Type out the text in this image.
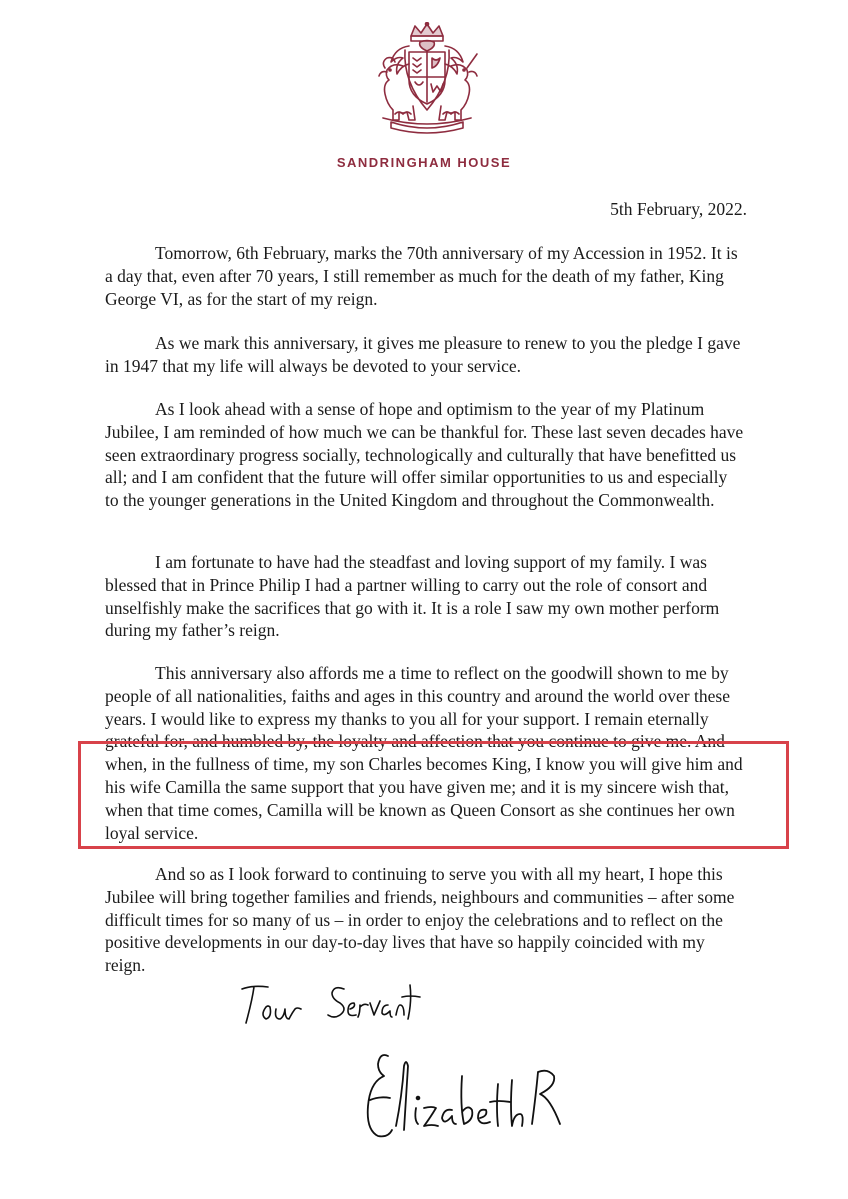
SANDRINGHAM HOUSE
5th February, 2022.

Tomorrow, 6th February, marks the 70th anniversary of my Accession in 1952. It is a day that, even after 70 years, I still remember as much for the death of my father, King George VI, as for the start of my reign.

As we mark this anniversary, it gives me pleasure to renew to you the pledge I gave in 1947 that my life will always be devoted to your service.

As I look ahead with a sense of hope and optimism to the year of my Platinum Jubilee, I am reminded of how much we can be thankful for. These last seven decades have seen extraordinary progress socially, technologically and culturally that have benefitted us all; and I am confident that the future will offer similar opportunities to us and especially to the younger generations in the United Kingdom and throughout the Commonwealth.

I am fortunate to have had the steadfast and loving support of my family. I was blessed that in Prince Philip I had a partner willing to carry out the role of consort and unselfishly make the sacrifices that go with it. It is a role I saw my own mother perform during my father’s reign.

This anniversary also affords me a time to reflect on the goodwill shown to me by people of all nationalities, faiths and ages in this country and around the world over these years. I would like to express my thanks to you all for your support. I remain eternally grateful for, and humbled by, the loyalty and affection that you continue to give me. And when, in the fullness of time, my son Charles becomes King, I know you will give him and his wife Camilla the same support that you have given me; and it is my sincere wish that, when that time comes, Camilla will be known as Queen Consort as she continues her own loyal service.

And so as I look forward to continuing to serve you with all my heart, I hope this Jubilee will bring together families and friends, neighbours and communities – after some difficult times for so many of us – in order to enjoy the celebrations and to reflect on the positive developments in our day-to-day lives that have so happily coincided with my reign.
